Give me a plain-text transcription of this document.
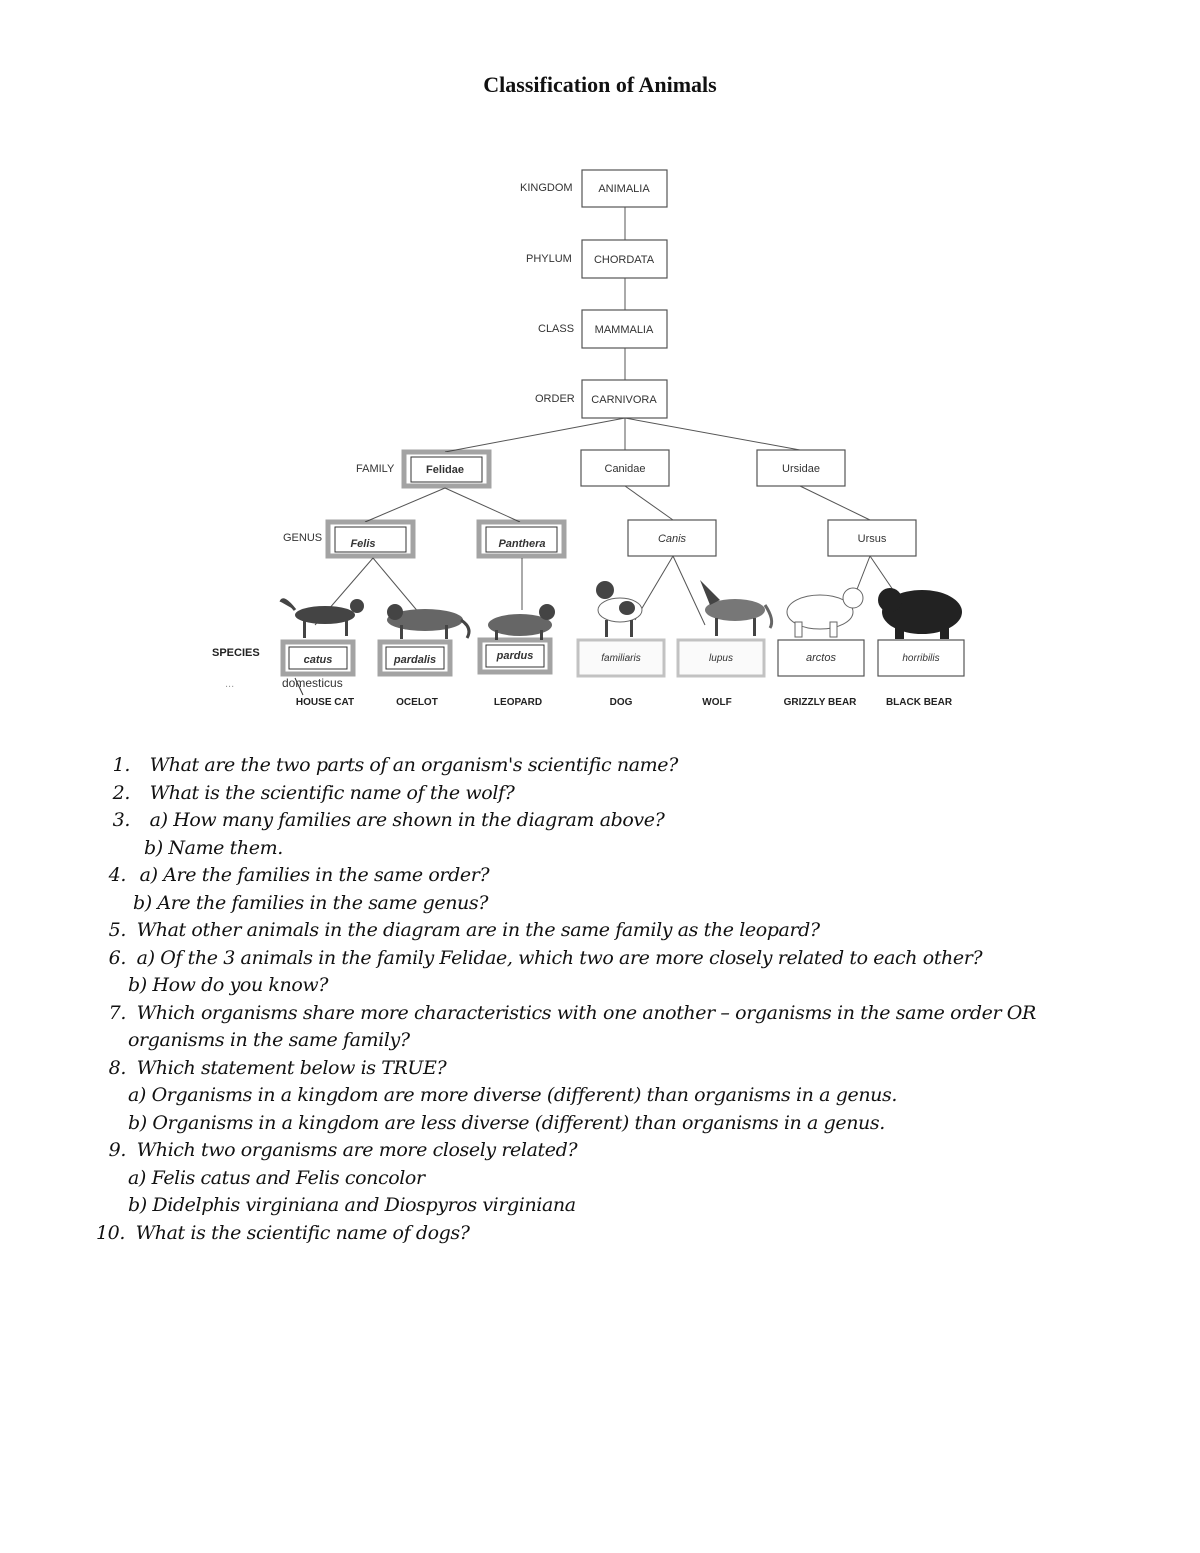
Classification of Animals
KINGDOM
PHYLUM
CLASS
ORDER
FAMILY
GENUS
SPECIES
...
ANIMALIA
CHORDATA
MAMMALIA
CARNIVORA
Felidae	Canidae	Ursidae
Felis	Panthera	Canis	Ursus
catus	pardalis	pardus	familiaris	lupus	arctos	horribilis
domesticus
HOUSE CAT	OCELOT	LEOPARD	DOG	WOLF	GRIZZLY BEAR	BLACK BEAR
1. What are the two parts of an organism's scientific name?
2. What is the scientific name of the wolf?
3. a) How many families are shown in the diagram above?
b) Name them.
4. a) Are the families in the same order?
b) Are the families in the same genus?
5. What other animals in the diagram are in the same family as the leopard?
6. a) Of the 3 animals in the family Felidae, which two are more closely related to each other?
b) How do you know?
7. Which organisms share more characteristics with one another – organisms in the same order OR
organisms in the same family?
8. Which statement below is TRUE?
a) Organisms in a kingdom are more diverse (different) than organisms in a genus.
b) Organisms in a kingdom are less diverse (different) than organisms in a genus.
9. Which two organisms are more closely related?
a) Felis catus and Felis concolor
b) Didelphis virginiana and Diospyros virginiana
10. What is the scientific name of dogs?
